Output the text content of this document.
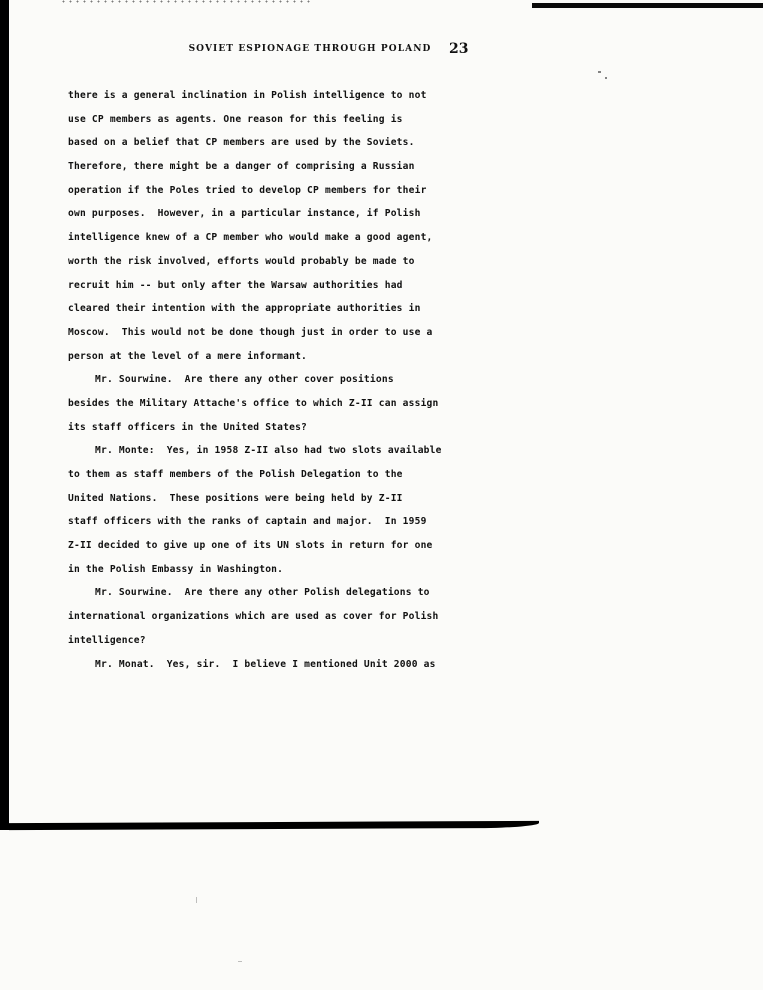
SOVIET ESPIONAGE THROUGH POLAND	23
there is a general inclination in Polish intelligence to not
use CP members as agents. One reason for this feeling is
based on a belief that CP members are used by the Soviets.
Therefore, there might be a danger of comprising a Russian
operation if the Poles tried to develop CP members for their
own purposes.  However, in a particular instance, if Polish
intelligence knew of a CP member who would make a good agent,
worth the risk involved, efforts would probably be made to
recruit him -- but only after the Warsaw authorities had
cleared their intention with the appropriate authorities in
Moscow.  This would not be done though just in order to use a
person at the level of a mere informant.
Mr. Sourwine.  Are there any other cover positions
besides the Military Attache's office to which Z-II can assign
its staff officers in the United States?
Mr. Monte:  Yes, in 1958 Z-II also had two slots available
to them as staff members of the Polish Delegation to the
United Nations.  These positions were being held by Z-II
staff officers with the ranks of captain and major.  In 1959
Z-II decided to give up one of its UN slots in return for one
in the Polish Embassy in Washington.
Mr. Sourwine.  Are there any other Polish delegations to
international organizations which are used as cover for Polish
intelligence?
Mr. Monat.  Yes, sir.  I believe I mentioned Unit 2000 as
